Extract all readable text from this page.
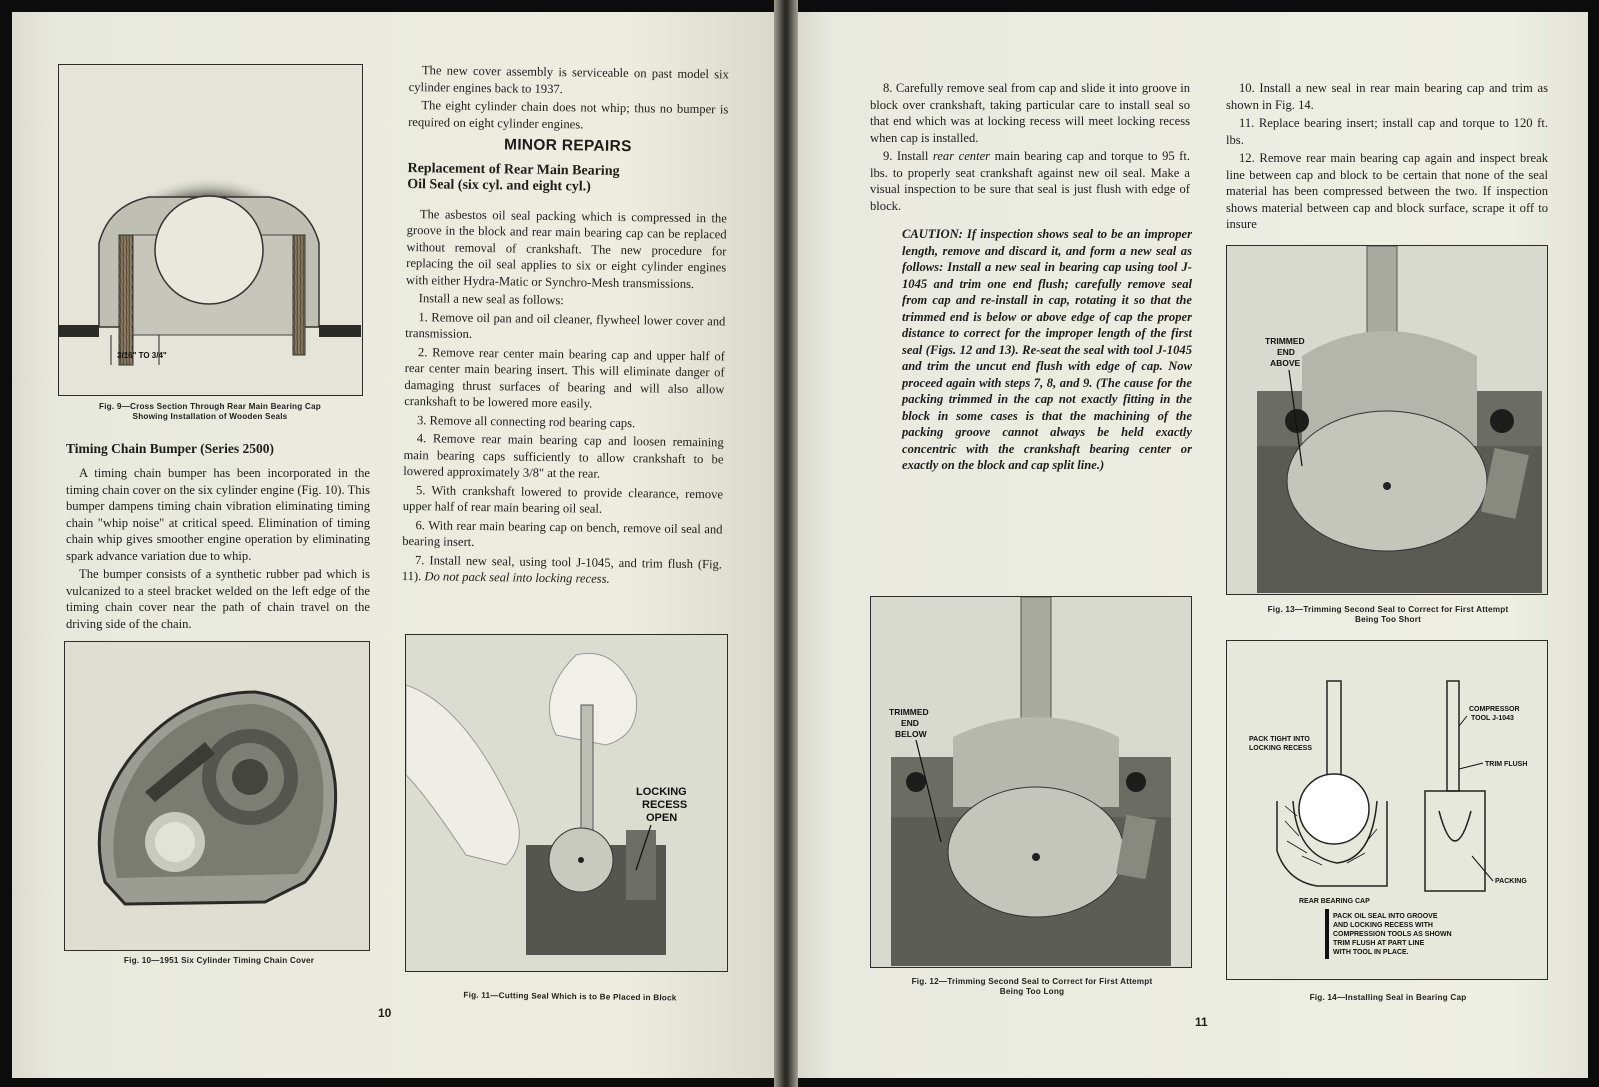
3/16" TO 3/4"
Fig. 9—Cross Section Through Rear Main Bearing Cap
Showing Installation of Wooden Seals
Timing Chain Bumper (Series 2500)

A timing chain bumper has been incorporated in the timing chain cover on the six cylinder engine (Fig. 10). This bumper dampens timing chain vibration eliminating timing chain "whip noise" at critical speed. Elimination of timing chain whip gives smoother engine operation by eliminating spark advance variation due to whip.

The bumper consists of a synthetic rubber pad which is vulcanized to a steel bracket welded on the left edge of the timing chain cover near the path of chain travel on the driving side of the chain.

Fig. 10—1951 Six Cylinder Timing Chain Cover

The new cover assembly is serviceable on past model six cylinder engines back to 1937.

The eight cylinder chain does not whip; thus no bumper is required on eight cylinder engines.

MINOR REPAIRS
Replacement of Rear Main Bearing
Oil Seal (six cyl. and eight cyl.)

The asbestos oil seal packing which is compressed in the groove in the block and rear main bearing cap can be replaced without removal of crankshaft. The new procedure for replacing the oil seal applies to six or eight cylinder engines with either Hydra-Matic or Synchro-Mesh transmissions.

Install a new seal as follows:

1. Remove oil pan and oil cleaner, flywheel lower cover and transmission.

2. Remove rear center main bearing cap and upper half of rear center main bearing insert. This will eliminate danger of damaging thrust surfaces of bearing and will also allow crankshaft to be lowered more easily.

3. Remove all connecting rod bearing caps.

4. Remove rear main bearing cap and loosen remaining main bearing caps sufficiently to allow crankshaft to be lowered approximately 3/8" at the rear.

5. With crankshaft lowered to provide clearance, remove upper half of rear main bearing oil seal.

6. With rear main bearing cap on bench, remove oil seal and bearing insert.

7. Install new seal, using tool J-1045, and trim flush (Fig. 11). Do not pack seal into locking recess.

LOCKING
RECESS
OPEN
Fig. 11—Cutting Seal Which is to Be Placed in Block
10

8. Carefully remove seal from cap and slide it into groove in block over crankshaft, taking particular care to install seal so that end which was at locking recess will meet locking recess when cap is installed.

9. Install rear center main bearing cap and torque to 95 ft. lbs. to properly seat crankshaft against new oil seal. Make a visual inspection to be sure that seal is just flush with edge of block.

CAUTION: If inspection shows seal to be an improper length, remove and discard it, and form a new seal as follows: Install a new seal in bearing cap using tool J-1045 and trim one end flush; carefully remove seal from cap and re-install in cap, rotating it so that the trimmed end is below or above edge of cap the proper distance to correct for the improper length of the first seal (Figs. 12 and 13). Re-seat the seal with tool J-1045 and trim the uncut end flush with edge of cap. Now proceed again with steps 7, 8, and 9. (The cause for the packing trimmed in the cap not exactly fitting in the block in some cases is that the machining of the packing groove cannot always be held exactly concentric with the crankshaft bearing center or exactly on the block and cap split line.)

TRIMMED
END
BELOW
Fig. 12—Trimming Second Seal to Correct for First Attempt
Being Too Long

10. Install a new seal in rear main bearing cap and trim as shown in Fig. 14.

11. Replace bearing insert; install cap and torque to 120 ft. lbs.

12. Remove rear main bearing cap again and inspect break line between cap and block to be certain that none of the seal material has been compressed between the two. If inspection shows material between cap and block surface, scrape it off to insure

TRIMMED
END
ABOVE
Fig. 13—Trimming Second Seal to Correct for First Attempt
Being Too Short
PACK TIGHT INTO
LOCKING RECESS
COMPRESSOR
TOOL J-1043
TRIM FLUSH
REAR BEARING CAP
PACKING
PACK OIL SEAL INTO GROOVE
AND LOCKING RECESS WITH
COMPRESSION TOOLS AS SHOWN
TRIM FLUSH AT PART LINE
WITH TOOL IN PLACE.
Fig. 14—Installing Seal in Bearing Cap
11
